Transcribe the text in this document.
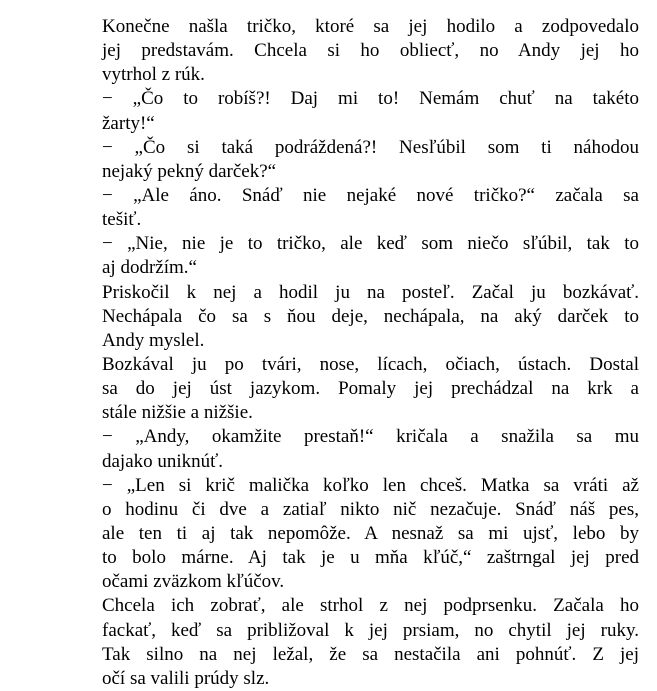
Konečne našla tričko, ktoré sa jej hodilo a zodpovedalo
jej predstavám. Chcela si ho obliecť, no Andy jej ho
vytrhol z rúk.
− „Čo to robíš?! Daj mi to! Nemám chuť na takéto
žarty!“
− „Čo si taká podráždená?! Nesľúbil som ti náhodou
nejaký pekný darček?“
− „Ale áno. Snáď nie nejaké nové tričko?“ začala sa
tešiť.
− „Nie, nie je to tričko, ale keď som niečo sľúbil, tak to
aj dodržím.“
Priskočil k nej a hodil ju na posteľ. Začal ju bozkávať.
Nechápala čo sa s ňou deje, nechápala, na aký darček to
Andy myslel.
Bozkával ju po tvári, nose, lícach, očiach, ústach. Dostal
sa do jej úst jazykom. Pomaly jej prechádzal na krk a
stále nižšie a nižšie.
− „Andy, okamžite prestaň!“ kričala a snažila sa mu
dajako uniknúť.
− „Len si krič malička koľko len chceš. Matka sa vráti až
o hodinu či dve a zatiaľ nikto nič nezačuje. Snáď náš pes,
ale ten ti aj tak nepomôže. A nesnaž sa mi ujsť, lebo by
to bolo márne. Aj tak je u mňa kľúč,“ zaštrngal jej pred
očami zväzkom kľúčov.
Chcela ich zobrať, ale strhol z nej podprsenku. Začala ho
fackať, keď sa približoval k jej prsiam, no chytil jej ruky.
Tak silno na nej ležal, že sa nestačila ani pohnúť. Z jej
očí sa valili prúdy slz.
